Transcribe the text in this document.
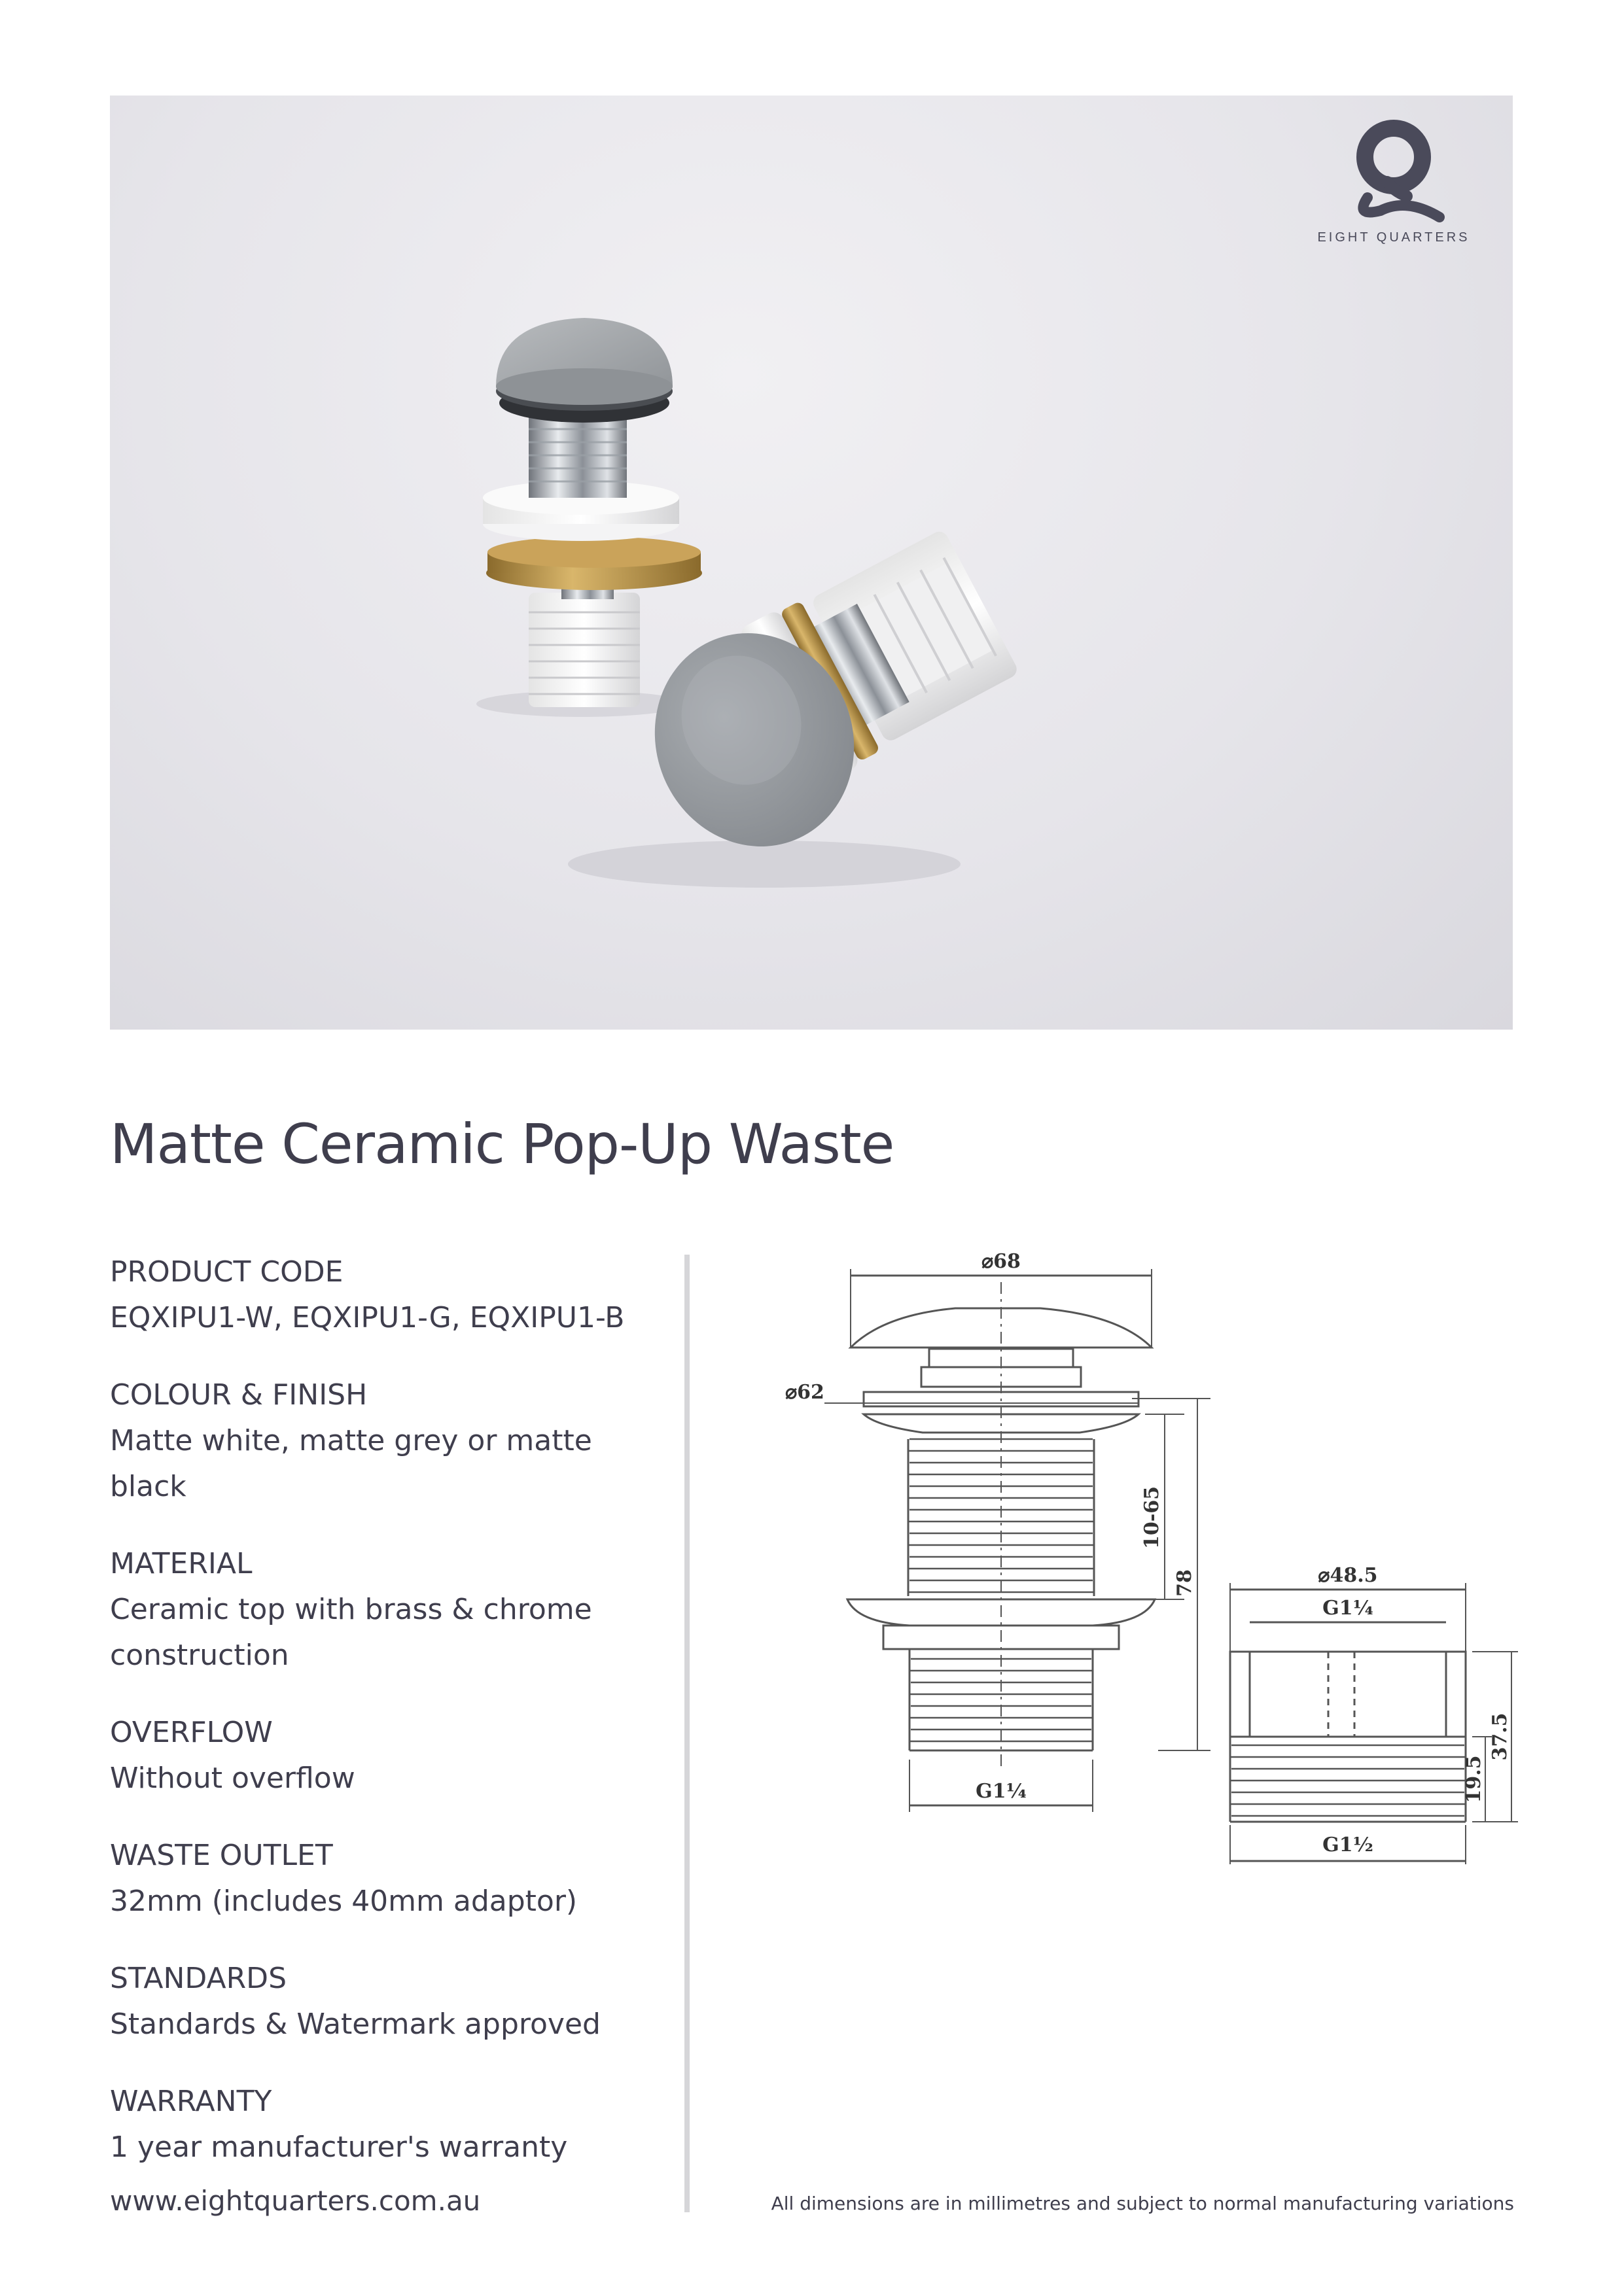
EIGHT QUARTERS
Matte Ceramic Pop-Up Waste
PRODUCT CODE
EQXIPU1-W, EQXIPU1-G, EQXIPU1-B
COLOUR & FINISH
Matte white, matte grey or matte black
MATERIAL
Ceramic top with brass & chrome construction
OVERFLOW
Without overflow
WASTE OUTLET
32mm (includes 40mm adaptor)
STANDARDS
Standards & Watermark approved
WARRANTY
1 year manufacturer's warranty
⌀68
⌀62
10-65
78
G1¼
⌀48.5
G1¼
37.5
19.5
G1½
www.eightquarters.com.au	All dimensions are in millimetres and subject to normal manufacturing variations
